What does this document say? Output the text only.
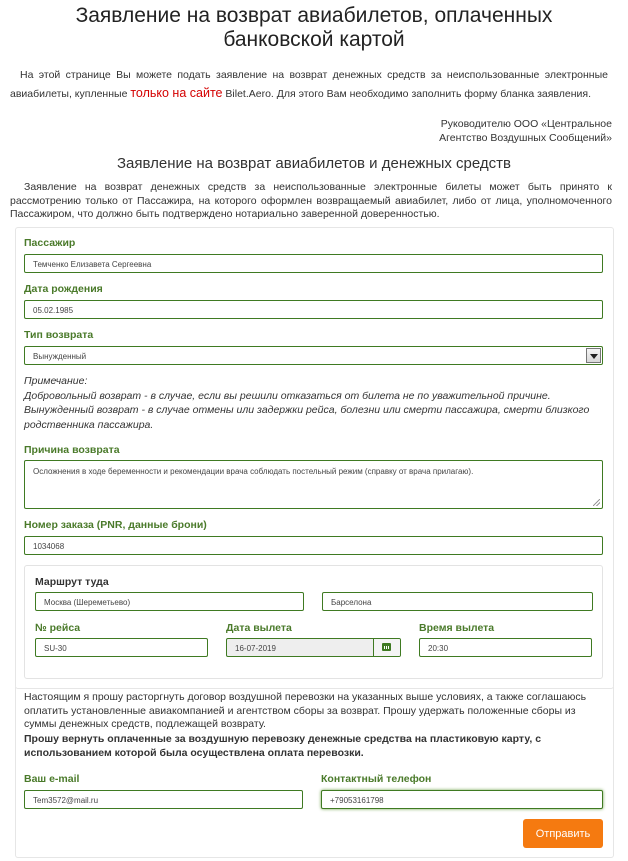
Заявление на возврат авиабилетов, оплаченных банковской картой
На этой странице Вы можете подать заявление на возврат денежных средств за неиспользованные электронные авиабилеты, купленные только на сайте Bilet.Aero. Для этого Вам необходимо заполнить форму бланка заявления.
Руководителю ООО «Центральное
Агентство Воздушных Сообщений»
Заявление на возврат авиабилетов и денежных средств
Заявление на возврат денежных средств за неиспользованные электронные билеты может быть принято к рассмотрению только от Пассажира, на которого оформлен возвращаемый авиабилет, либо от лица, уполномоченного Пассажиром, что должно быть подтверждено нотариально заверенной доверенностью.
Пассажир
Темченко Елизавета Сергеевна
Дата рождения
05.02.1985
Тип возврата
Вынужденный
Примечание:
Добровольный возврат - в случае, если вы решили отказаться от билета не по уважительной причине.
Вынужденный возврат - в случае отмены или задержки рейса, болезни или смерти пассажира, смерти близкого родственника пассажира.
Причина возврата
Осложнения в ходе беременности и рекомендации врача соблюдать постельный режим (справку от врача прилагаю).
Номер заказа (PNR, данные брони)
1034068
Маршрут туда
Москва (Шереметьево)	Барселона
№ рейса
SU-30
Дата вылета
16-07-2019
Время вылета
20:30
Настоящим я прошу расторгнуть договор воздушной перевозки на указанных выше условиях, а также соглашаюсь оплатить установленные авиакомпанией и агентством сборы за возврат. Прошу удержать положенные сборы из суммы денежных средств, подлежащей возврату.
Прошу вернуть оплаченные за воздушную перевозку денежные средства на пластиковую карту, с использованием которой была осуществлена оплата перевозки.
Ваш e-mail
Tem3572@mail.ru
Контактный телефон
+79053161798
Отправить
